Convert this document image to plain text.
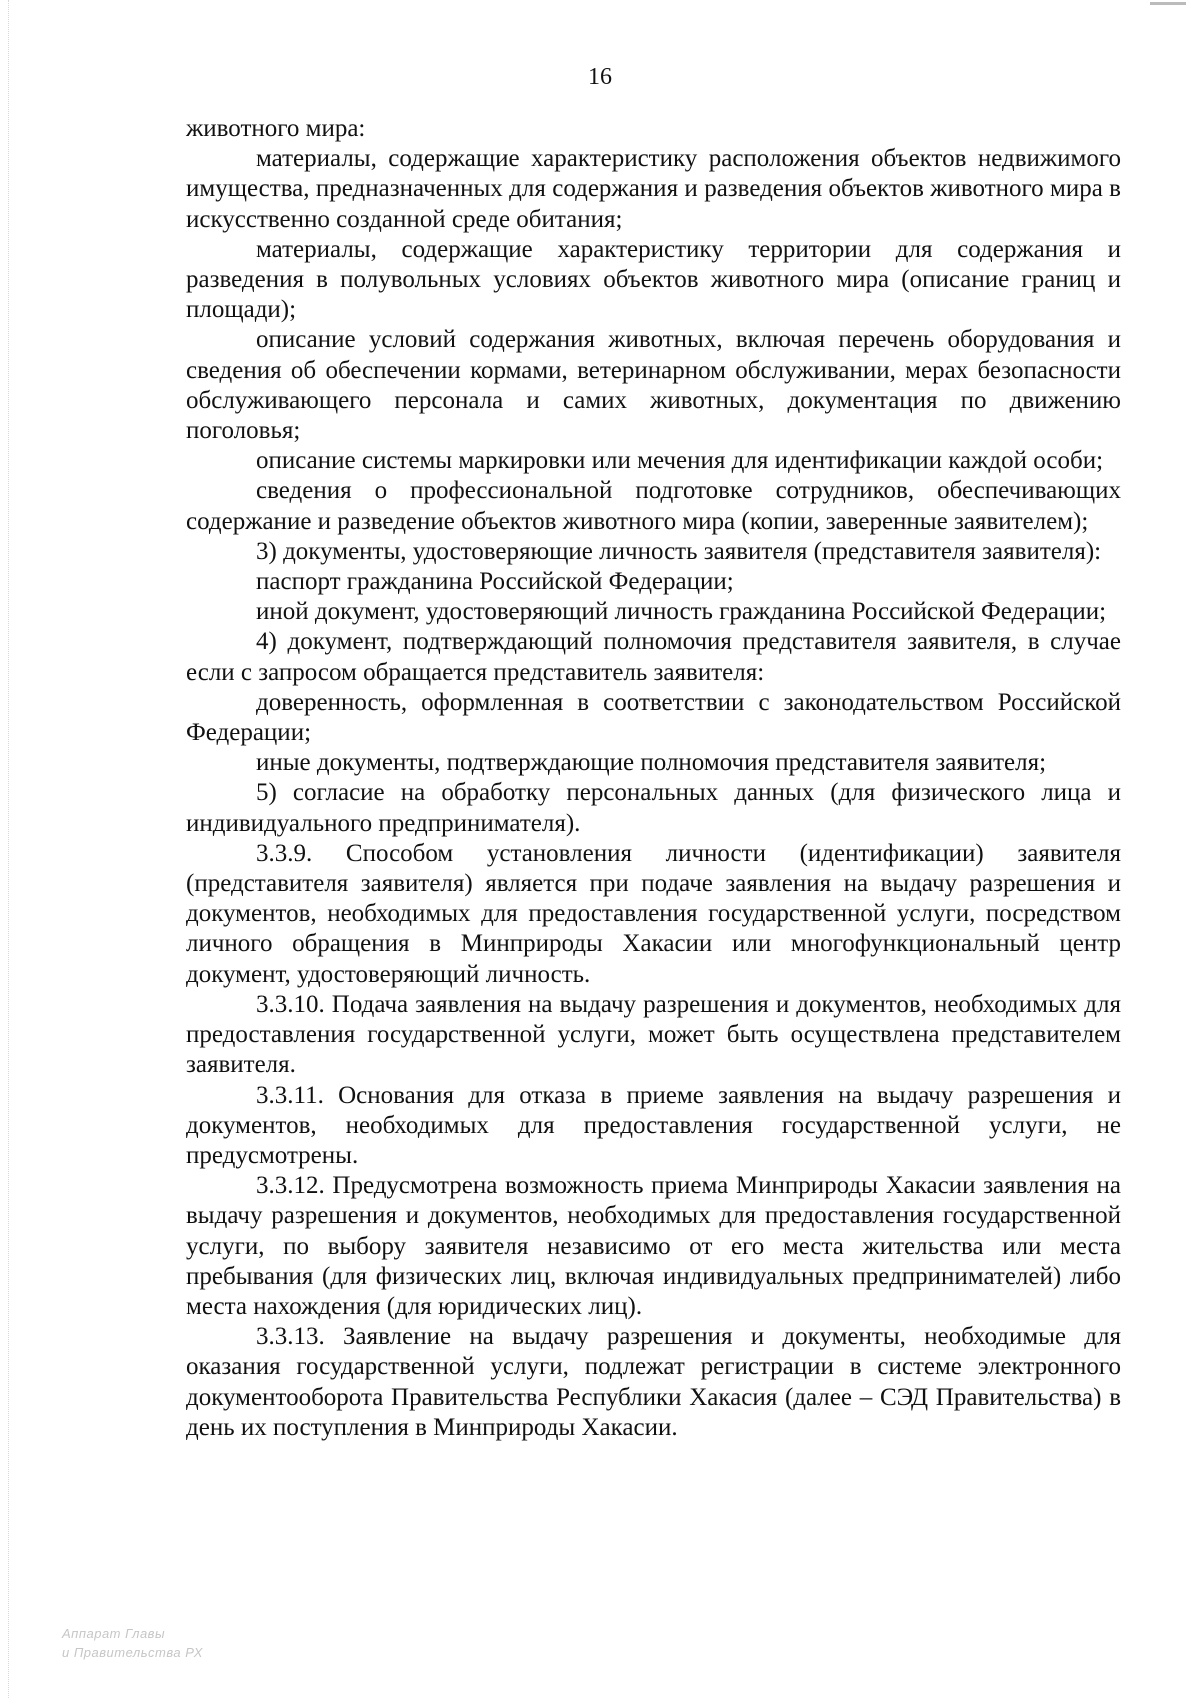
16

животного мира:

материалы, содержащие характеристику расположения объектов недвижимого имущества, предназначенных для содержания и разведения объектов животного мира в искусственно созданной среде обитания;

материалы, содержащие характеристику территории для содержания и разведения в полувольных условиях объектов животного мира (описание границ и площади);

описание условий содержания животных, включая перечень оборудования и сведения об обеспечении кормами, ветеринарном обслуживании, мерах безопасности обслуживающего персонала и самих животных, документация по движению поголовья;

описание системы маркировки или мечения для идентификации каждой особи;

сведения о профессиональной подготовке сотрудников, обеспечивающих содержание и разведение объектов животного мира (копии, заверенные заявителем);

3) документы, удостоверяющие личность заявителя (представителя заявителя):

паспорт гражданина Российской Федерации;

иной документ, удостоверяющий личность гражданина Российской Федерации;

4) документ, подтверждающий полномочия представителя заявителя, в случае если с запросом обращается представитель заявителя:

доверенность, оформленная в соответствии с законодательством Российской Федерации;

иные документы, подтверждающие полномочия представителя заявителя;

5) согласие на обработку персональных данных (для физического лица и индивидуального предпринимателя).

3.3.9. Способом установления личности (идентификации) заявителя (представителя заявителя) является при подаче заявления на выдачу разрешения и документов, необходимых для предоставления государственной услуги, посредством личного обращения в Минприроды Хакасии или многофункциональный центр документ, удостоверяющий личность.

3.3.10. Подача заявления на выдачу разрешения и документов, необходимых для предоставления государственной услуги, может быть осуществлена представителем заявителя.

3.3.11. Основания для отказа в приеме заявления на выдачу разрешения и документов, необходимых для предоставления государственной услуги, не предусмотрены.

3.3.12. Предусмотрена возможность приема Минприроды Хакасии заявления на выдачу разрешения и документов, необходимых для предоставления государственной услуги, по выбору заявителя независимо от его места жительства или места пребывания (для физических лиц, включая индивидуальных предпринимателей) либо места нахождения (для юридических лиц).

3.3.13. Заявление на выдачу разрешения и документы, необходимые для оказания государственной услуги, подлежат регистрации в системе электронного документооборота Правительства Республики Хакасия (далее – СЭД Правительства) в день их поступления в Минприроды Хакасии.

Аппарат Главы
и Правительства РХ
